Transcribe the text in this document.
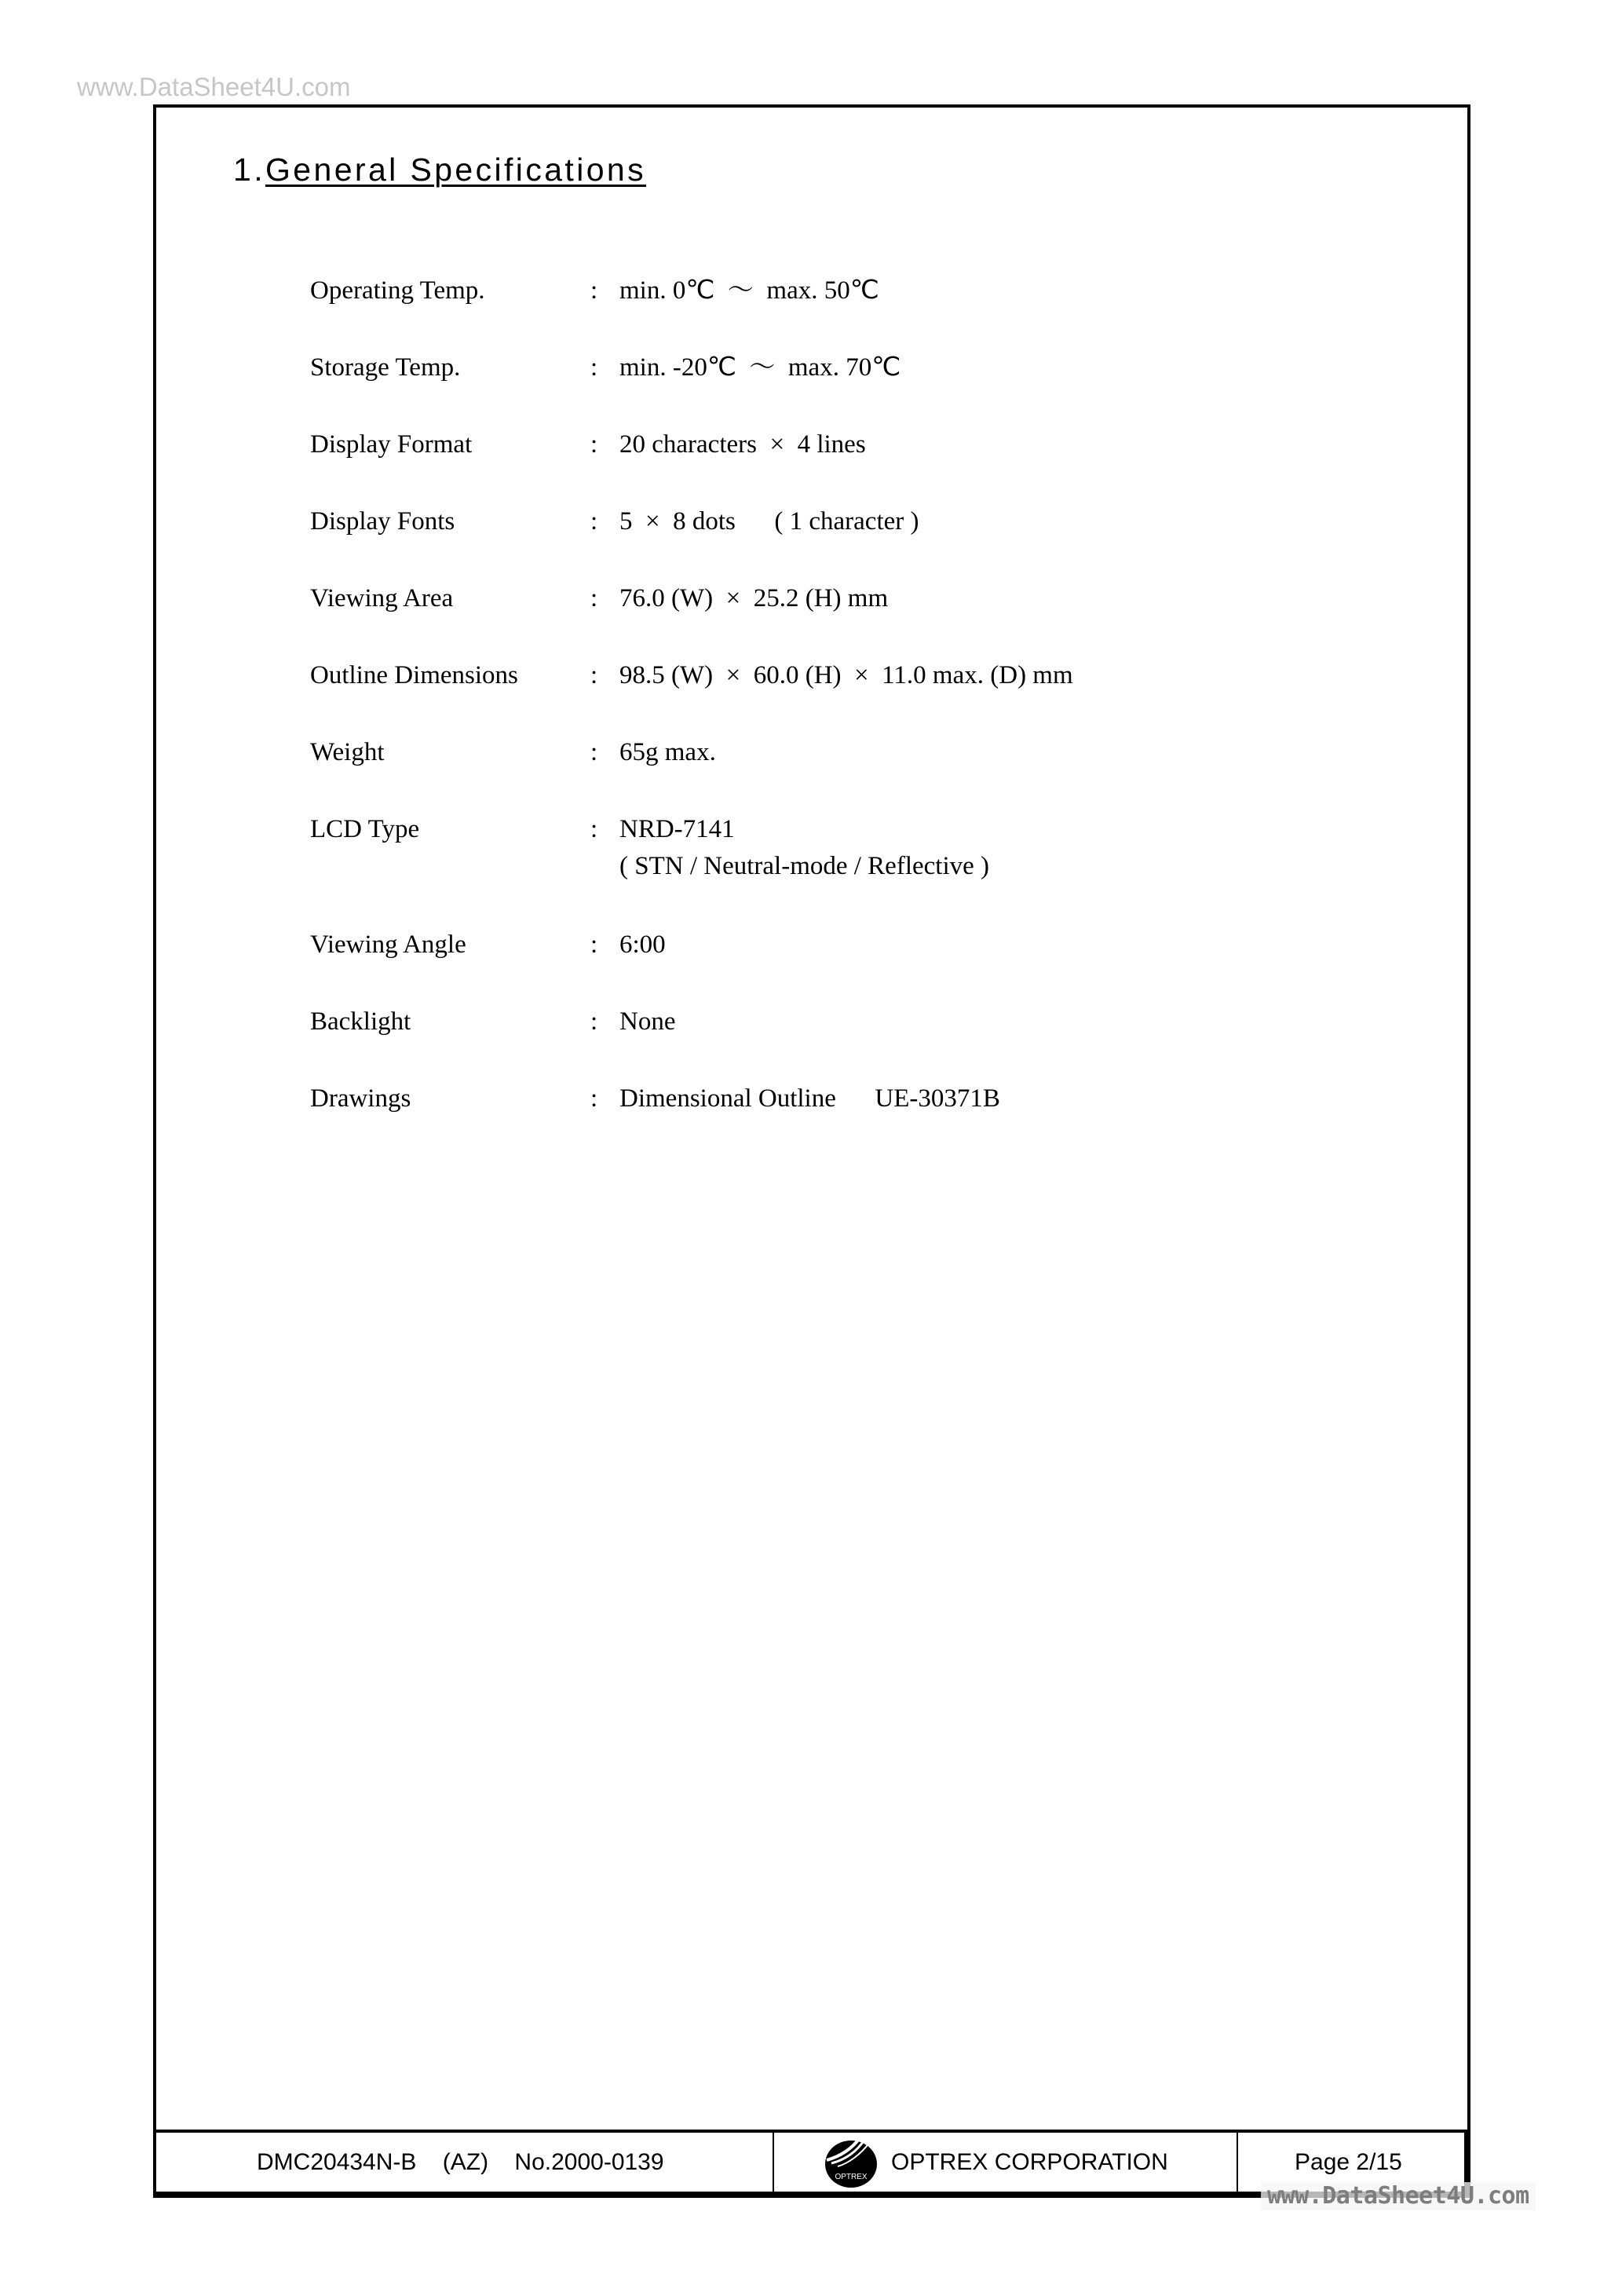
www.DataSheet4U.com
1.General Specifications
Operating Temp.	: min. 0℃  ～  max. 50℃
Storage Temp.	: min. -20℃  ～  max. 70℃
Display Format	: 20 characters  ×  4 lines
Display Fonts	: 5  ×  8 dots      ( 1 character )
Viewing Area	: 76.0 (W)  ×  25.2 (H) mm
Outline Dimensions	: 98.5 (W)  ×  60.0 (H)  ×  11.0 max. (D) mm
Weight	: 65g max.
LCD Type	: NRD-7141
( STN / Neutral-mode / Reflective )
Viewing Angle	: 6:00
Backlight	: None
Drawings	: Dimensional Outline      UE-30371B
DMC20434N-B    (AZ)    No.2000-0139
OPTREX
OPTREX CORPORATION	Page 2/15
www.DataSheet4U.com
